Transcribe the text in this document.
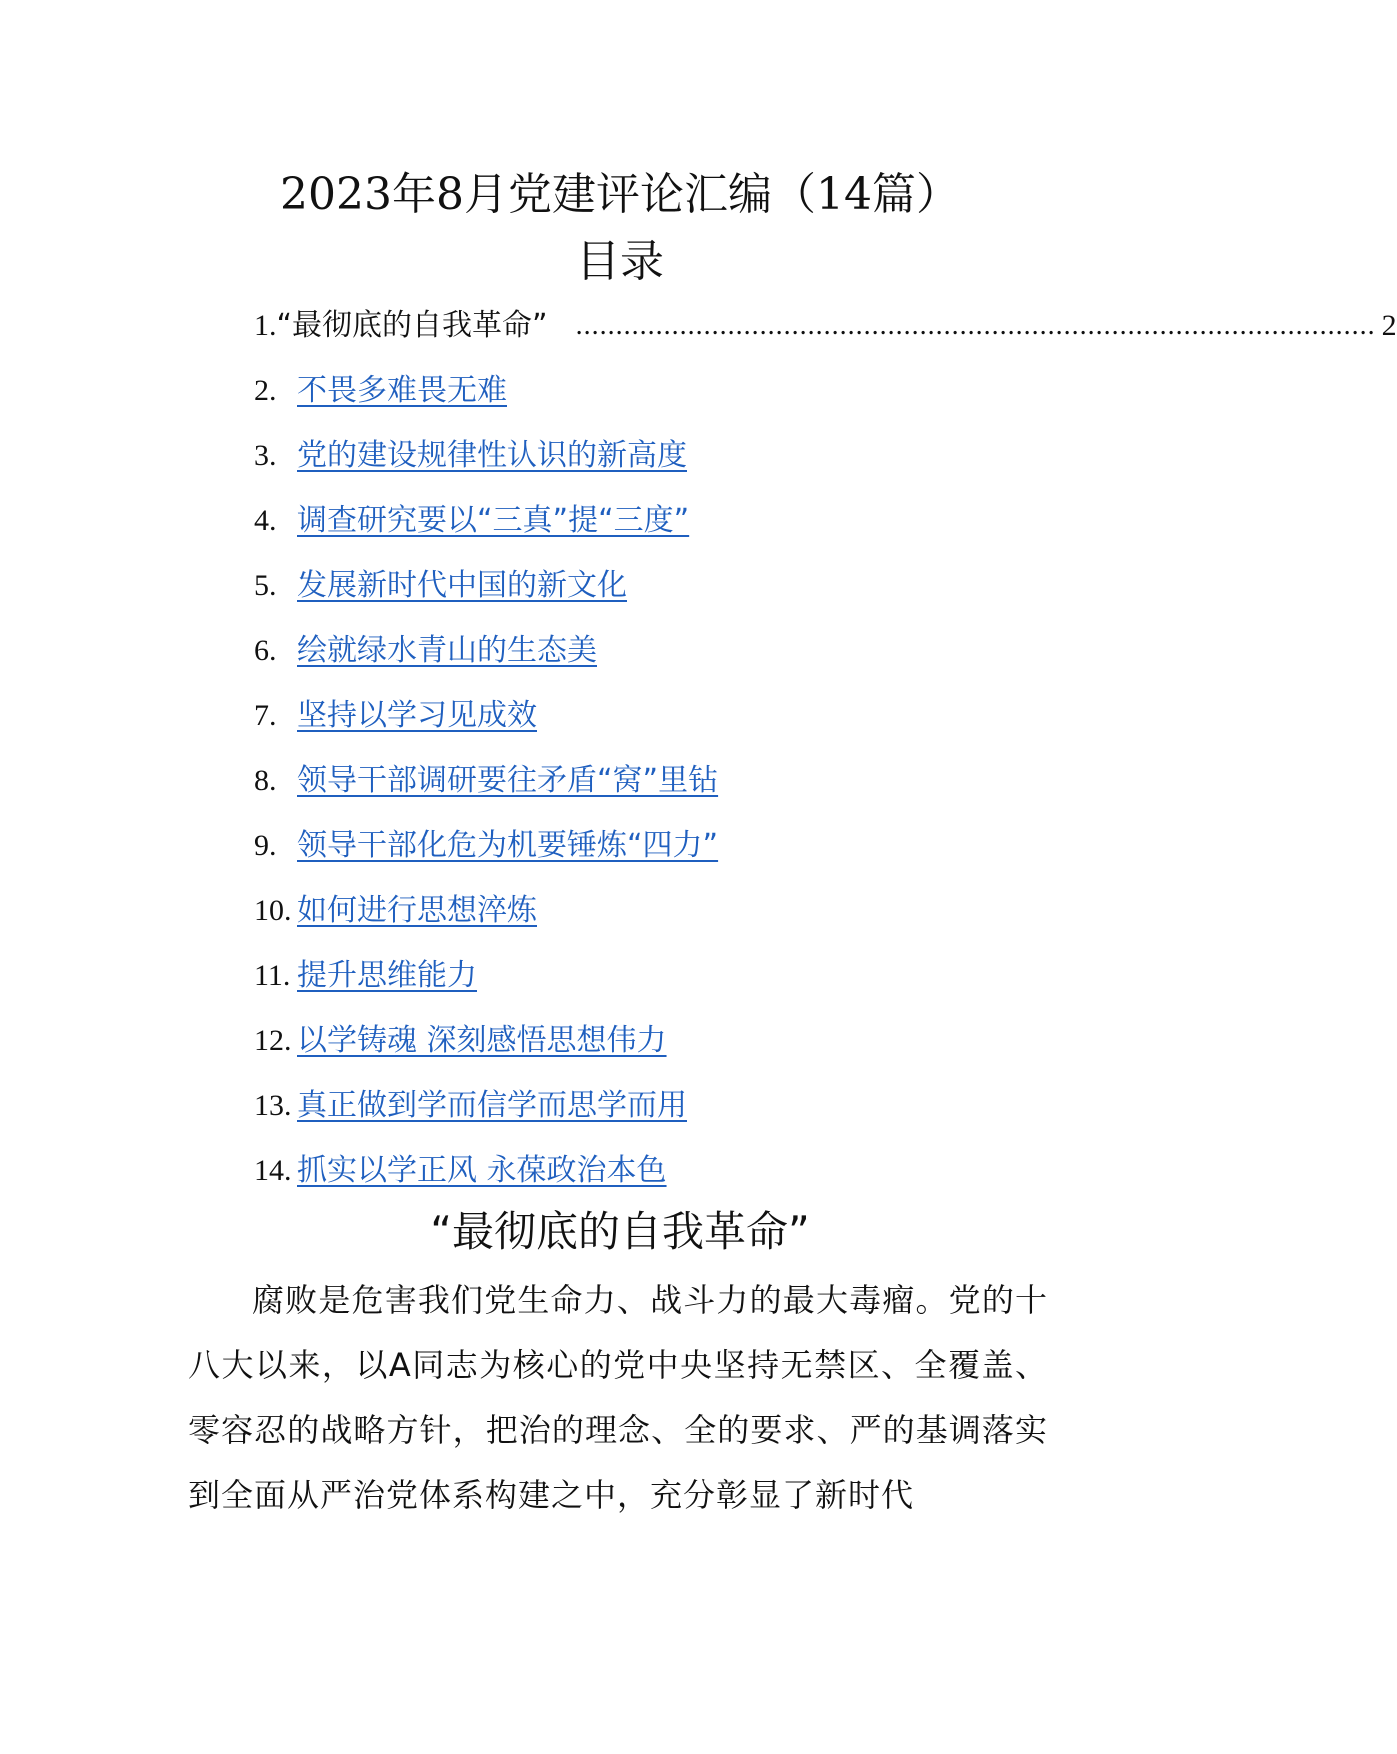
2023年8月党建评论汇编（14篇）
目录
1. “最彻底的自我革命” .................................................................................................... 2
2. 不畏多难畏无难
3. 党的建设规律性认识的新高度
4. 调查研究要以“三真”提“三度”
5. 发展新时代中国的新文化
6. 绘就绿水青山的生态美
7. 坚持以学习见成效
8. 领导干部调研要往矛盾“窝”里钻
9. 领导干部化危为机要锤炼“四力”
10. 如何进行思想淬炼
11. 提升思维能力
12. 以学铸魂 深刻感悟思想伟力
13. 真正做到学而信学而思学而用
14. 抓实以学正风 永葆政治本色
“最彻底的自我革命”

腐败是危害我们党生命力、战斗力的最大毒瘤。党的十八大以来，以A同志为核心的党中央坚持无禁区、全覆盖、零容忍的战略方针，把治的理念、全的要求、严的基调落实到全面从严治党体系构建之中，充分彰显了新时代
